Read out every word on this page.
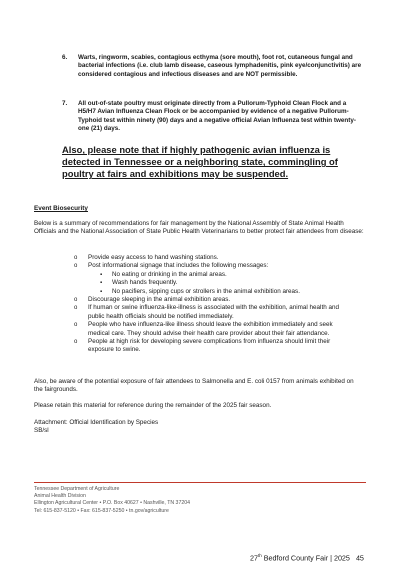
6. Warts, ringworm, scabies, contagious ecthyma (sore mouth), foot rot, cutaneous fungal and bacterial infections (i.e. club lamb disease, caseous lymphadenitis, pink eye/conjunctivitis) are considered contagious and infectious diseases and are NOT permissible.
7. All out-of-state poultry must originate directly from a Pullorum-Typhoid Clean Flock and a H5/H7 Avian Influenza Clean Flock or be accompanied by evidence of a negative Pullorum-Typhoid test within ninety (90) days and a negative official Avian Influenza test within twenty-one (21) days.
Also, please note that if highly pathogenic avian influenza is detected in Tennessee or a neighboring state, commingling of poultry at fairs and exhibitions may be suspended.
Event Biosecurity
Below is a summary of recommendations for fair management by the National Assembly of State Animal Health Officials and the National Association of State Public Health Veterinarians to better protect fair attendees from disease:
o Provide easy access to hand washing stations.
o Post informational signage that includes the following messages:
▪ No eating or drinking in the animal areas.
▪ Wash hands frequently.
▪ No pacifiers, sipping cups or strollers in the animal exhibition areas.
o Discourage sleeping in the animal exhibition areas.
o If human or swine influenza-like-illness is associated with the exhibition, animal health and public health officials should be notified immediately.
o People who have influenza-like illness should leave the exhibition immediately and seek medical care. They should advise their health care provider about their fair attendance.
o People at high risk for developing severe complications from influenza should limit their exposure to swine.
Also, be aware of the potential exposure of fair attendees to Salmonella and E. coli 0157 from animals exhibited on the fairgrounds.
Please retain this material for reference during the remainder of the 2025 fair season.
Attachment: Official Identification by Species
SB/sl
Tennessee Department of Agriculture
Animal Health Division
Ellington Agricultural Center • P.O. Box 40627 • Nashville, TN 37204
Tel: 615-837-5120 • Fax: 615-837-5250 • tn.gov/agriculture
27th Bedford County Fair | 2025 45
